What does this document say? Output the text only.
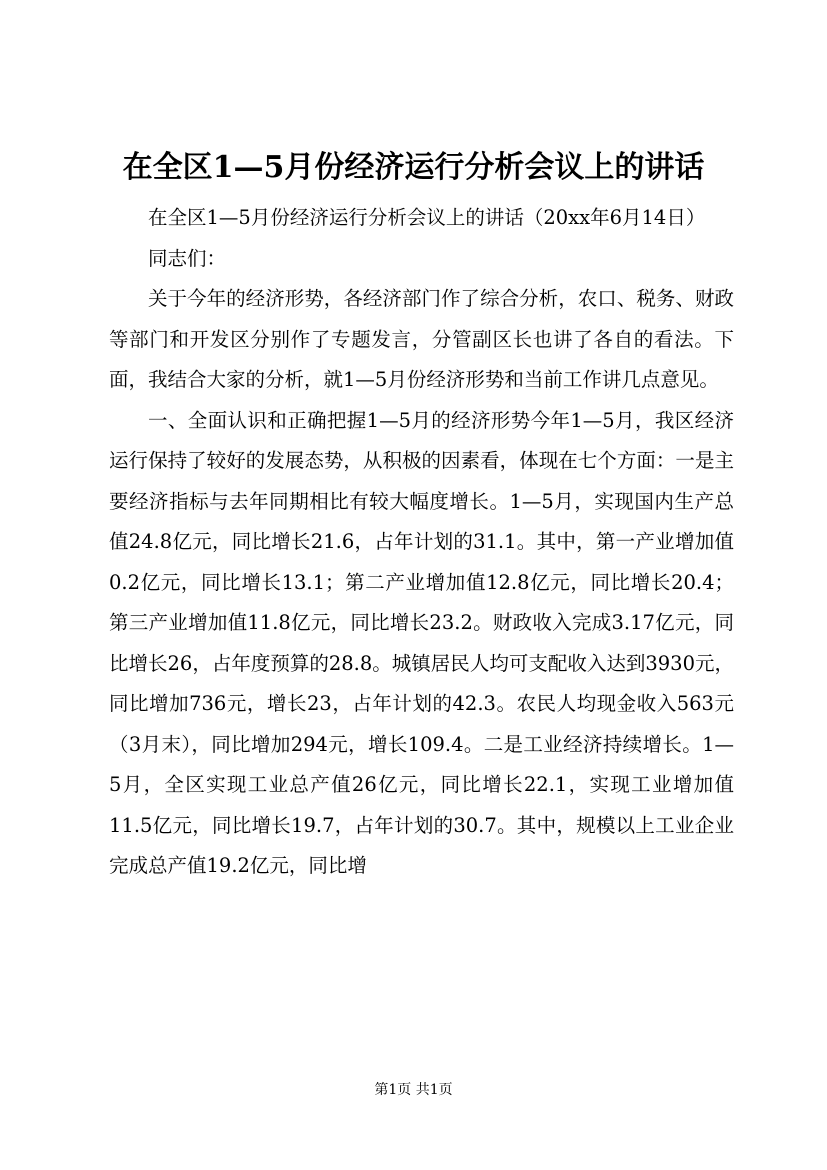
在全区1—5月份经济运行分析会议上的讲话

在全区1—5月份经济运行分析会议上的讲话（20xx年6月14日）

同志们：

关于今年的经济形势，各经济部门作了综合分析，农口、税务、财政等部门和开发区分别作了专题发言，分管副区长也讲了各自的看法。下面，我结合大家的分析，就1—5月份经济形势和当前工作讲几点意见。

一、全面认识和正确把握1—5月的经济形势今年1—5月，我区经济运行保持了较好的发展态势，从积极的因素看，体现在七个方面：一是主要经济指标与去年同期相比有较大幅度增长。1—5月，实现国内生产总值24.8亿元，同比增长21.6，占年计划的31.1。其中，第一产业增加值0.2亿元，同比增长13.1；第二产业增加值12.8亿元，同比增长20.4；第三产业增加值11.8亿元，同比增长23.2。财政收入完成3.17亿元，同比增长26，占年度预算的28.8。城镇居民人均可支配收入达到3930元，同比增加736元，增长23，占年计划的42.3。农民人均现金收入563元（3月末），同比增加294元，增长109.4。二是工业经济持续增长。1—5月，全区实现工业总产值26亿元，同比增长22.1，实现工业增加值11.5亿元，同比增长19.7，占年计划的30.7。其中，规模以上工业企业完成总产值19.2亿元，同比增

第1页 共1页
